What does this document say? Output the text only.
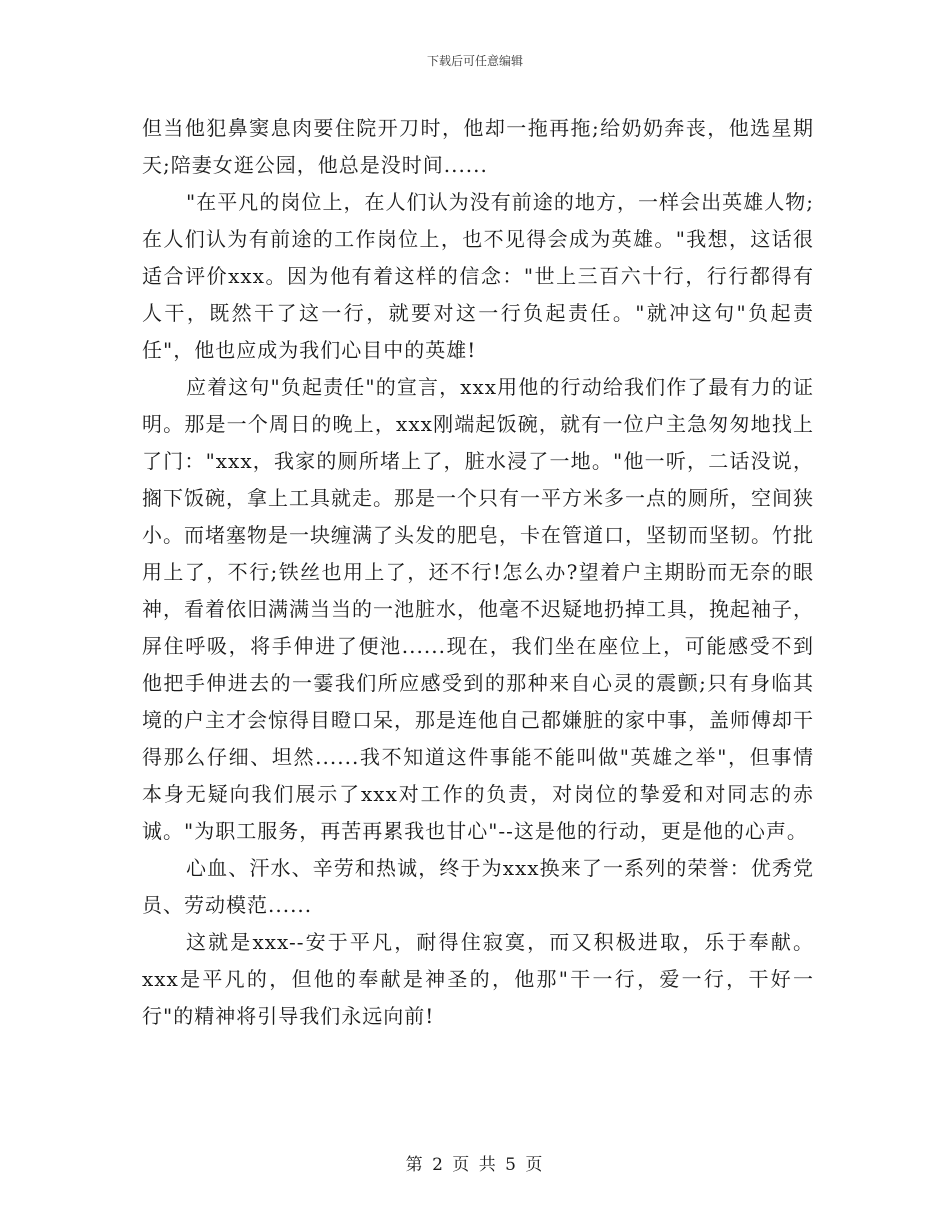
下载后可任意编辑

但当他犯鼻窦息肉要住院开刀时，他却一拖再拖;给奶奶奔丧，他选星期天;陪妻女逛公园，他总是没时间......

"在平凡的岗位上，在人们认为没有前途的地方，一样会出英雄人物;在人们认为有前途的工作岗位上，也不见得会成为英雄。"我想，这话很适合评价xxx。因为他有着这样的信念："世上三百六十行，行行都得有人干，既然干了这一行，就要对这一行负起责任。"就冲这句"负起责任"，他也应成为我们心目中的英雄!

应着这句"负起责任"的宣言，xxx用他的行动给我们作了最有力的证明。那是一个周日的晚上，xxx刚端起饭碗，就有一位户主急匆匆地找上了门："xxx，我家的厕所堵上了，脏水浸了一地。"他一听，二话没说，搁下饭碗，拿上工具就走。那是一个只有一平方米多一点的厕所，空间狭小。而堵塞物是一块缠满了头发的肥皂，卡在管道口，坚韧而坚韧。竹批用上了，不行;铁丝也用上了，还不行!怎么办?望着户主期盼而无奈的眼神，看着依旧满满当当的一池脏水，他毫不迟疑地扔掉工具，挽起袖子，屏住呼吸，将手伸进了便池......现在，我们坐在座位上，可能感受不到他把手伸进去的一霎我们所应感受到的那种来自心灵的震颤;只有身临其境的户主才会惊得目瞪口呆，那是连他自己都嫌脏的家中事，盖师傅却干得那么仔细、坦然......我不知道这件事能不能叫做"英雄之举"，但事情本身无疑向我们展示了xxx对工作的负责，对岗位的挚爱和对同志的赤诚。"为职工服务，再苦再累我也甘心"--这是他的行动，更是他的心声。

心血、汗水、辛劳和热诚，终于为xxx换来了一系列的荣誉：优秀党员、劳动模范......

这就是xxx--安于平凡，耐得住寂寞，而又积极进取，乐于奉献。xxx是平凡的，但他的奉献是神圣的，他那"干一行，爱一行，干好一行"的精神将引导我们永远向前!

第 2 页 共 5 页
